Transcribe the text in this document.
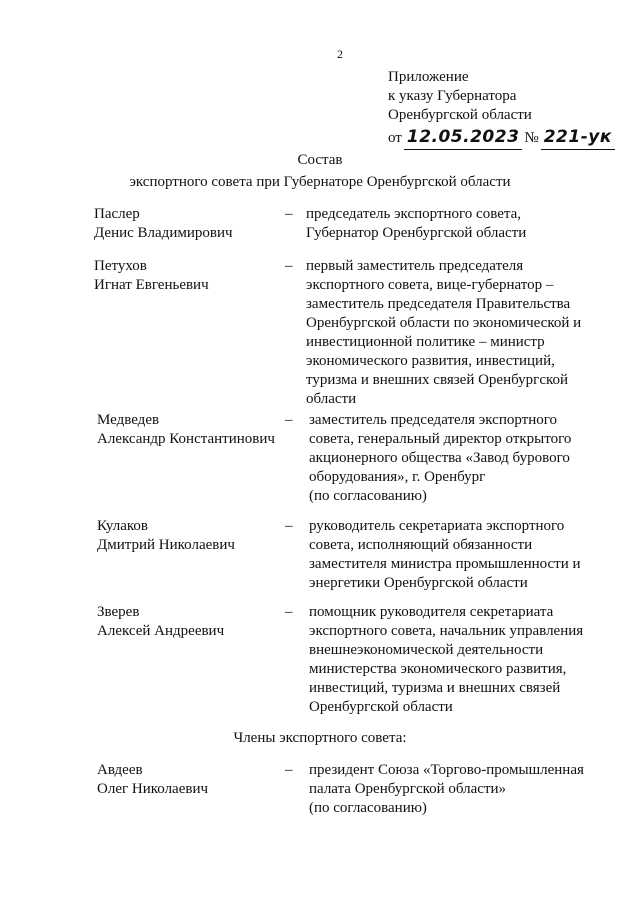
2
Приложение
к указу Губернатора
Оренбургской области
от 12.05.2023 № 221-ук
Состав
экспортного совета при Губернаторе Оренбургской области
Паслер
Денис Владимирович
– председатель экспортного совета,
Губернатор Оренбургской области
Петухов
Игнат Евгеньевич
– первый заместитель председателя
экспортного совета, вице-губернатор –
заместитель председателя Правительства
Оренбургской области по экономической и
инвестиционной политике – министр
экономического развития, инвестиций,
туризма и внешних связей Оренбургской
области
Медведев
Александр Константинович
– заместитель председателя экспортного
совета, генеральный директор открытого
акционерного общества «Завод бурового
оборудования», г. Оренбург
(по согласованию)
Кулаков
Дмитрий Николаевич
– руководитель секретариата экспортного
совета, исполняющий обязанности
заместителя министра промышленности и
энергетики Оренбургской области
Зверев
Алексей Андреевич
– помощник руководителя секретариата
экспортного совета, начальник управления
внешнеэкономической деятельности
министерства экономического развития,
инвестиций, туризма и внешних связей
Оренбургской области
Члены экспортного совета:
Авдеев
Олег Николаевич
– президент Союза «Торгово-промышленная
палата Оренбургской области»
(по согласованию)
